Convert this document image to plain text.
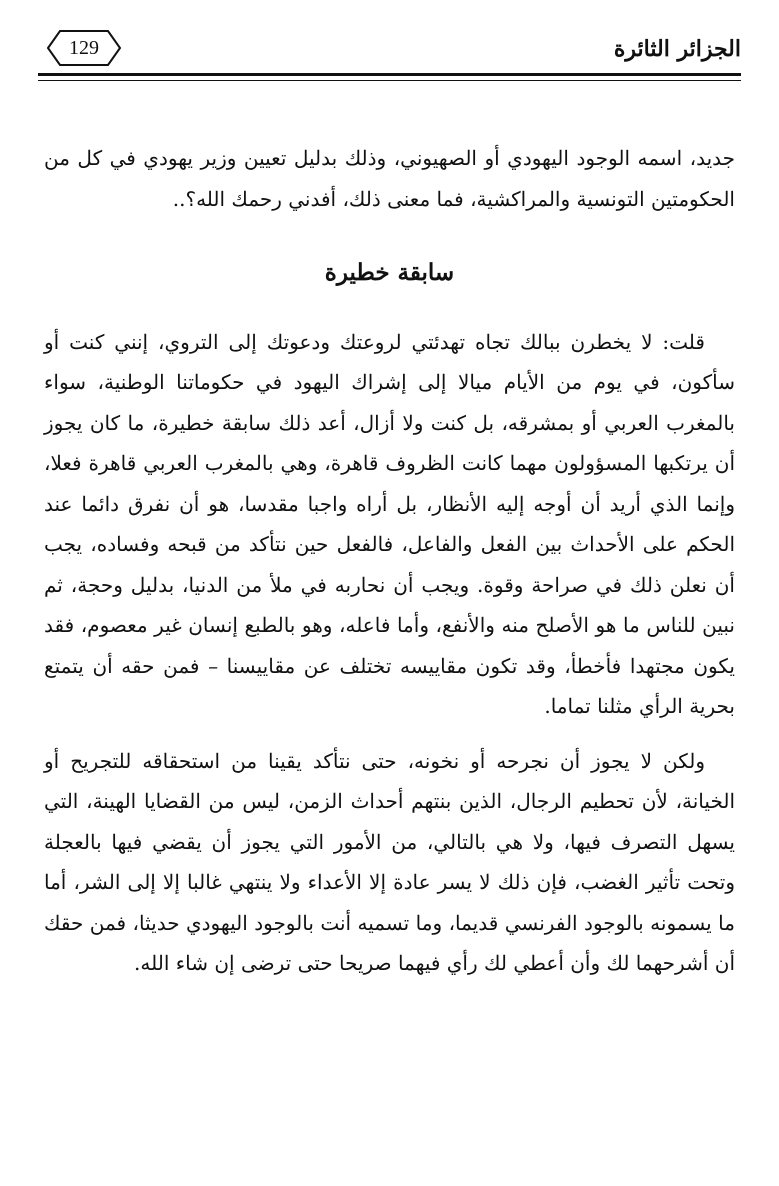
129	الجزائر الثائرة

جديد، اسمه الوجود اليهودي أو الصهيوني، وذلك بدليل تعيين وزير يهودي في كل من الحكومتين التونسية والمراكشية، فما معنى ذلك، أفدني رحمك الله؟..

سابقة خطيرة

قلت: لا يخطرن ببالك تجاه تهدئتي لروعتك ودعوتك إلى التروي، إنني كنت أو سأكون، في يوم من الأيام ميالا إلى إشراك اليهود في حكوماتنا الوطنية، سواء بالمغرب العربي أو بمشرقه، بل كنت ولا أزال، أعد ذلك سابقة خطيرة، ما كان يجوز أن يرتكبها المسؤولون مهما كانت الظروف قاهرة، وهي بالمغرب العربي قاهرة فعلا، وإنما الذي أريد أن أوجه إليه الأنظار، بل أراه واجبا مقدسا، هو أن نفرق دائما عند الحكم على الأحداث بين الفعل والفاعل، فالفعل حين نتأكد من قبحه وفساده، يجب أن نعلن ذلك في صراحة وقوة. ويجب أن نحاربه في ملأ من الدنيا، بدليل وحجة، ثم نبين للناس ما هو الأصلح منه والأنفع، وأما فاعله، وهو بالطبع إنسان غير معصوم، فقد يكون مجتهدا فأخطأ، وقد تكون مقاييسه تختلف عن مقاييسنا – فمن حقه أن يتمتع بحرية الرأي مثلنا تماما.

ولكن لا يجوز أن نجرحه أو نخونه، حتى نتأكد يقينا من استحقاقه للتجريح أو الخيانة، لأن تحطيم الرجال، الذين بنتهم أحداث الزمن، ليس من القضايا الهينة، التي يسهل التصرف فيها، ولا هي بالتالي، من الأمور التي يجوز أن يقضي فيها بالعجلة وتحت تأثير الغضب، فإن ذلك لا يسر عادة إلا الأعداء ولا ينتهي غالبا إلا إلى الشر، أما ما يسمونه بالوجود الفرنسي قديما، وما تسميه أنت بالوجود اليهودي حديثا، فمن حقك أن أشرحهما لك وأن أعطي لك رأي فيهما صريحا حتى ترضى إن شاء الله.
